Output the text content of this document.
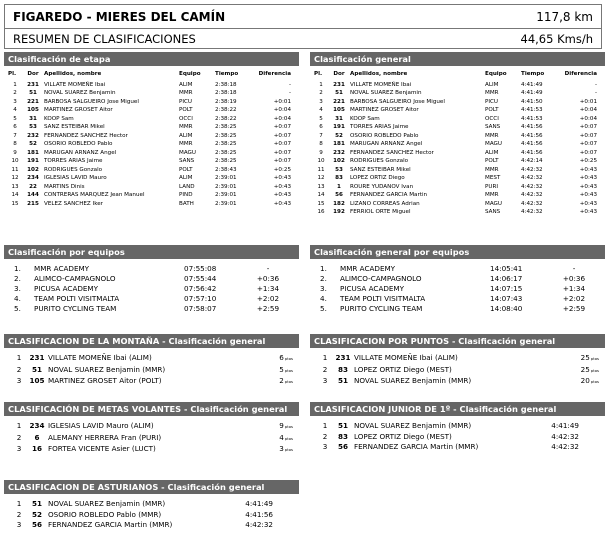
FIGAREDO - MIERES DEL CAMÍN	117,8 km
RESUMEN DE CLASIFICACIONES	44,65 Kms/h
Clasificación de etapa
Pl.	Dor Apellidos, nombre	Equipo	Tiempo	Diferencia
1	231 VILLATE MOMEÑE Ibai	ALIM	2:38:18	-
2	51	NOVAL SUAREZ Benjamin	MMR	2:38:18	-
3	221 BARBOSA SALGUEIRO Jose Miguel	PICU	2:38:19	+0:01
4	105 MARTINEZ GROSET Aitor	POLT	2:38:22	+0:04
5	31	KOOP Sam	OCCI	2:38:22	+0:04
6	53	SANZ ESTEIBAR Mikel	MMR	2:38:25	+0:07
7	232 FERNANDEZ SANCHEZ Hector	ALIM	2:38:25	+0:07
8	52	OSORIO ROBLEDO Pablo	MMR	2:38:25	+0:07
9	181 MARUGAN ARNANZ Angel	MAGU	2:38:25	+0:07
10	191 TORRES ARIAS Jaime	SANS	2:38:25	+0:07
11	102 RODRIGUES Gonzalo	POLT	2:38:43	+0:25
12	234 IGLESIAS LAVID Mauro	ALIM	2:39:01	+0:43
13	22	MARTINS Dinis	LAND	2:39:01	+0:43
14	144 CONTRERAS MARQUEZ Jean Manuel	PIND	2:39:01	+0:43
15	215 VELEZ SANCHEZ Iker	BATH	2:39:01	+0:43
Clasificación general
Pl.	Dor Apellidos, nombre	Equipo	Tiempo	Diferencia
1	231 VILLATE MOMEÑE Ibai	ALIM	4:41:49	-
2	51	NOVAL SUAREZ Benjamin	MMR	4:41:49	-
3	221 BARBOSA SALGUEIRO Jose Miguel	PICU	4:41:50	+0:01
4	105 MARTINEZ GROSET Aitor	POLT	4:41:53	+0:04
5	31	KOOP Sam	OCCI	4:41:53	+0:04
6	191 TORRES ARIAS Jaime	SANS	4:41:56	+0:07
7	52	OSORIO ROBLEDO Pablo	MMR	4:41:56	+0:07
8	181 MARUGAN ARNANZ Angel	MAGU	4:41:56	+0:07
9	232 FERNANDEZ SANCHEZ Hector	ALIM	4:41:56	+0:07
10	102 RODRIGUES Gonzalo	POLT	4:42:14	+0:25
11	53	SANZ ESTEIBAR Mikel	MMR	4:42:32	+0:43
12	83	LOPEZ ORTIZ Diego	MEST	4:42:32	+0:43
13	1	ROURE YUDANOV Ivan	PURI	4:42:32	+0:43
14	56	FERNANDEZ GARCIA Martin	MMR	4:42:32	+0:43
15	182 LIZANO CORREAS Adrian	MAGU	4:42:32	+0:43
16	192 FERRIOL ORTE Miguel	SANS	4:42:32	+0:43
Clasificación por equipos
1.	MMR ACADEMY	07:55:08	-
2.	ALIMCO-CAMPAGNOLO	07:55:44	+0:36
3.	PICUSA ACADEMY	07:56:42	+1:34
4.	TEAM POLTI VISITMALTA	07:57:10	+2:02
5.	PURITO CYCLING TEAM	07:58:07	+2:59
Clasificación general por equipos
1.	MMR ACADEMY	14:05:41	-
2.	ALIMCO-CAMPAGNOLO	14:06:17	+0:36
3.	PICUSA ACADEMY	14:07:15	+1:34
4.	TEAM POLTI VISITMALTA	14:07:43	+2:02
5.	PURITO CYCLING TEAM	14:08:40	+2:59
CLASIFICACION DE LA MONTAÑA - Clasificación general
1	231 VILLATE MOMEÑE Ibai (ALIM)	6ptos
2	51 NOVAL SUAREZ Benjamin (MMR)	5ptos
3	105 MARTINEZ GROSET Aitor (POLT)	2ptos
CLASIFICACION POR PUNTOS - Clasificación general
1	231 VILLATE MOMEÑE Ibai (ALIM)	25ptos
2	83 LOPEZ ORTIZ Diego (MEST)	25ptos
3	51 NOVAL SUAREZ Benjamin (MMR)	20ptos
CLASIFICACIÓN DE METAS VOLANTES - Clasificación general
1	234 IGLESIAS LAVID Mauro (ALIM)	9ptos
2	6	ALEMANY HERRERA Fran (PURI)	4ptos
3	16 FORTEA VICENTE Asier (LUCT)	3ptos
CLASIFICACION JUNIOR DE 1º - Clasificación general
1	51 NOVAL SUAREZ Benjamin (MMR)	4:41:49
2	83 LOPEZ ORTIZ Diego (MEST)	4:42:32
3	56 FERNANDEZ GARCIA Martin (MMR)	4:42:32
CLASIFICACION DE ASTURIANOS - Clasificación general
1	51 NOVAL SUAREZ Benjamin (MMR)	4:41:49
2	52 OSORIO ROBLEDO Pablo (MMR)	4:41:56
3	56 FERNANDEZ GARCIA Martin (MMR)	4:42:32
